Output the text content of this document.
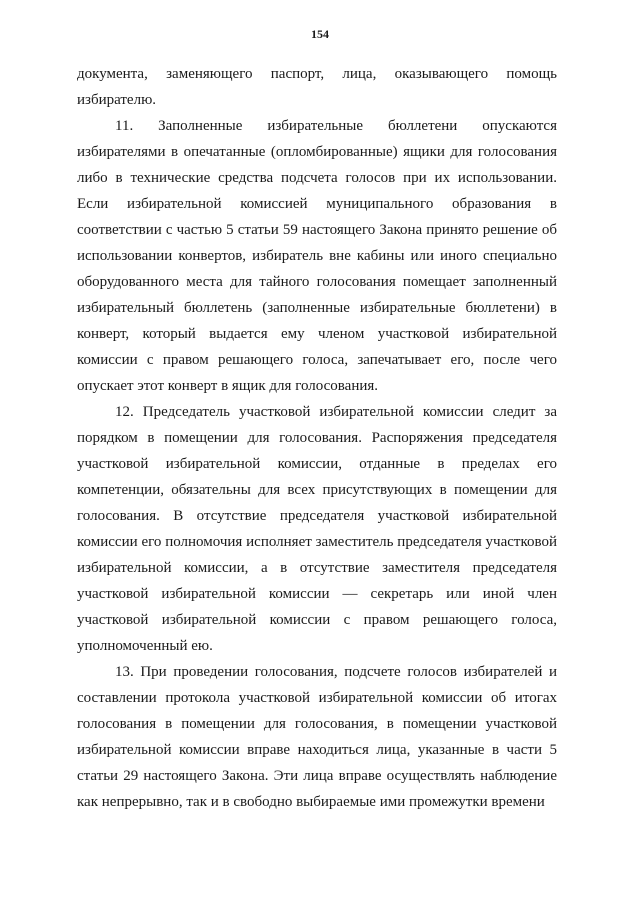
154

документа, заменяющего паспорт, лица, оказывающего помощь избирателю.

11. Заполненные избирательные бюллетени опускаются избирателями в опечатанные (опломбированные) ящики для голосования либо в технические средства подсчета голосов при их использовании. Если избирательной комиссией муниципального образования в соответствии с частью 5 статьи 59 настоящего Закона принято решение об использовании конвертов, избиратель вне кабины или иного специально оборудованного места для тайного голосования помещает заполненный избирательный бюллетень (заполненные избирательные бюллетени) в конверт, который выдается ему членом участковой избирательной комиссии с правом решающего голоса, запечатывает его, после чего опускает этот конверт в ящик для голосования.

12. Председатель участковой избирательной комиссии следит за порядком в помещении для голосования. Распоряжения председателя участковой избирательной комиссии, отданные в пределах его компетенции, обязательны для всех присутствующих в помещении для голосования. В отсутствие председателя участковой избирательной комиссии его полномочия исполняет заместитель председателя участковой избирательной комиссии, а в отсутствие заместителя председателя участковой избирательной комиссии — секретарь или иной член участковой избирательной комиссии с правом решающего голоса, уполномоченный ею.

13. При проведении голосования, подсчете голосов избирателей и составлении протокола участковой избирательной комиссии об итогах голосования в помещении для голосования, в помещении участковой избирательной комиссии вправе находиться лица, указанные в части 5 статьи 29 настоящего Закона. Эти лица вправе осуществлять наблюдение как непрерывно, так и в свободно выбираемые ими промежутки времени
